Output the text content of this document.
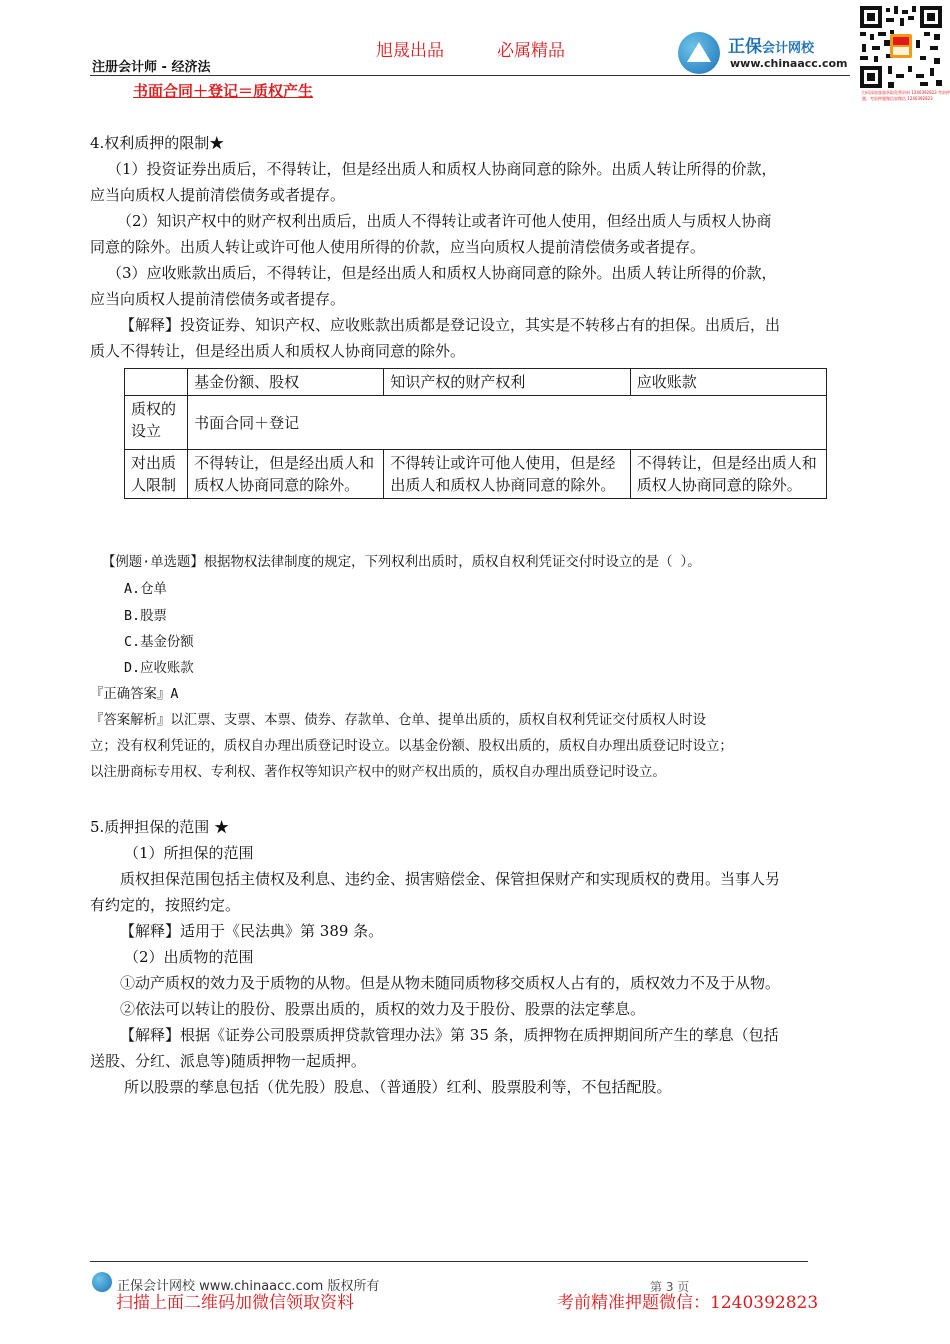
旭晟出品	必属精品
注册会计师 - 经济法
正保会计网校
www.chinaacc.com
扫码添加客服获取免费资料 1240392823 考前押题，考前押题微信加微信 1240392823
书面合同＋登记＝质权产生
4.权利质押的限制★
（1）投资证券出质后，不得转让，但是经出质人和质权人协商同意的除外。出质人转让所得的价款，
应当向质权人提前清偿债务或者提存。
（2）知识产权中的财产权利出质后，出质人不得转让或者许可他人使用，但经出质人与质权人协商
同意的除外。出质人转让或许可他人使用所得的价款，应当向质权人提前清偿债务或者提存。
（3）应收账款出质后，不得转让，但是经出质人和质权人协商同意的除外。出质人转让所得的价款，
应当向质权人提前清偿债务或者提存。
【解释】投资证券、知识产权、应收账款出质都是登记设立，其实是不转移占有的担保。出质后，出
质人不得转让，但是经出质人和质权人协商同意的除外。
	基金份额、股权	知识产权的财产权利	应收账款
质权的设立	书面合同＋登记		
对出质人限制	不得转让，但是经出质人和质权人协商同意的除外。	不得转让或许可他人使用，但是经出质人和质权人协商同意的除外。	不得转让，但是经出质人和质权人协商同意的除外。
【例题·单选题】根据物权法律制度的规定，下列权利出质时，质权自权利凭证交付时设立的是（ ）。
A.仓单
B.股票
C.基金份额
D.应收账款
『正确答案』A
『答案解析』以汇票、支票、本票、债券、存款单、仓单、提单出质的，质权自权利凭证交付质权人时设
立；没有权利凭证的，质权自办理出质登记时设立。以基金份额、股权出质的，质权自办理出质登记时设立；
以注册商标专用权、专利权、著作权等知识产权中的财产权出质的，质权自办理出质登记时设立。
5.质押担保的范围 ★
（1）所担保的范围
质权担保范围包括主债权及利息、违约金、损害赔偿金、保管担保财产和实现质权的费用。当事人另
有约定的，按照约定。
【解释】适用于《民法典》第 389 条。
（2）出质物的范围
①动产质权的效力及于质物的从物。但是从物未随同质物移交质权人占有的，质权效力不及于从物。
②依法可以转让的股份、股票出质的，质权的效力及于股份、股票的法定孳息。
【解释】根据《证券公司股票质押贷款管理办法》第 35 条，质押物在质押期间所产生的孳息（包括
送股、分红、派息等)随质押物一起质押。
所以股票的孳息包括（优先股）股息、（普通股）红利、股票股利等，不包括配股。
正保会计网校 www.chinaacc.com 版权所有	第 3 页
扫描上面二维码加微信领取资料	考前精准押题微信：1240392823
